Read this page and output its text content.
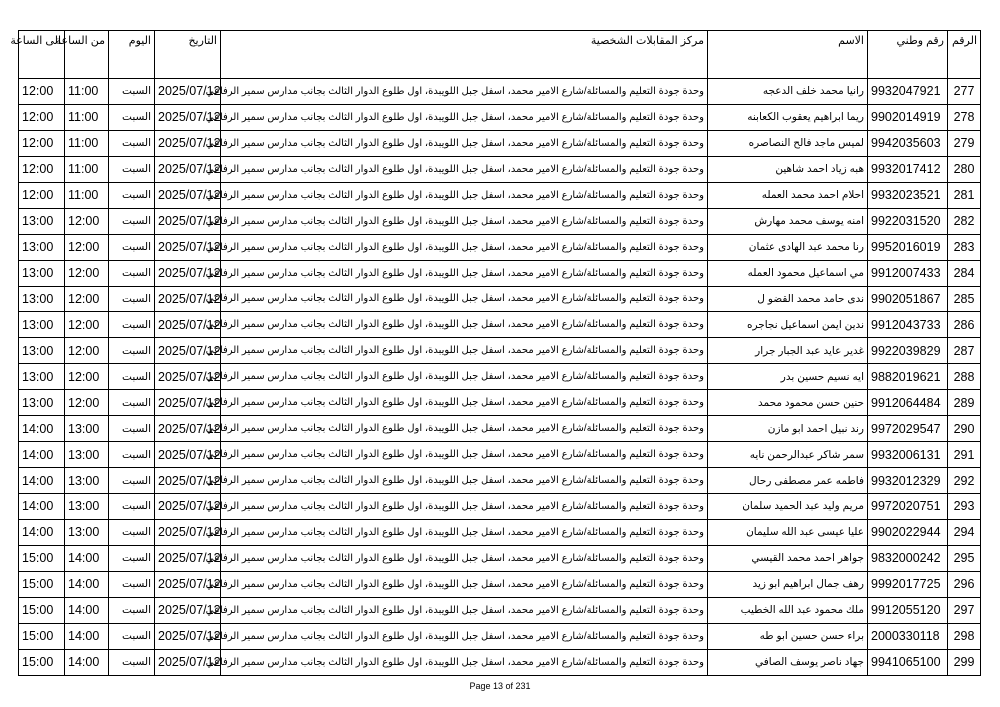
الرقم	رقم وطني	الاسم	مركز المقابلات الشخصية	التاريخ	اليوم	من الساعة	الى الساعة
277	9932047921	رانيا محمد خلف الدعجه	وحدة جودة التعليم والمسائلة/شارع الامير محمد، اسفل جبل اللويبدة، اول طلوع الدوار الثالث بجانب مدارس سمير الرفاعي	2025/07/12	السبت	11:00	12:00
278	9902014919	ريما ابراهيم يعقوب الكعابنه	وحدة جودة التعليم والمسائلة/شارع الامير محمد، اسفل جبل اللويبدة، اول طلوع الدوار الثالث بجانب مدارس سمير الرفاعي	2025/07/12	السبت	11:00	12:00
279	9942035603	لميس ماجد فالح النصاصره	وحدة جودة التعليم والمسائلة/شارع الامير محمد، اسفل جبل اللويبدة، اول طلوع الدوار الثالث بجانب مدارس سمير الرفاعي	2025/07/12	السبت	11:00	12:00
280	9932017412	هبه زياد احمد شاهين	وحدة جودة التعليم والمسائلة/شارع الامير محمد، اسفل جبل اللويبدة، اول طلوع الدوار الثالث بجانب مدارس سمير الرفاعي	2025/07/12	السبت	11:00	12:00
281	9932023521	احلام احمد محمد العمله	وحدة جودة التعليم والمسائلة/شارع الامير محمد، اسفل جبل اللويبدة، اول طلوع الدوار الثالث بجانب مدارس سمير الرفاعي	2025/07/12	السبت	11:00	12:00
282	9922031520	امنه يوسف محمد مهارش	وحدة جودة التعليم والمسائلة/شارع الامير محمد، اسفل جبل اللويبدة، اول طلوع الدوار الثالث بجانب مدارس سمير الرفاعي	2025/07/12	السبت	12:00	13:00
283	9952016019	رنا محمد عبد الهادى عثمان	وحدة جودة التعليم والمسائلة/شارع الامير محمد، اسفل جبل اللويبدة، اول طلوع الدوار الثالث بجانب مدارس سمير الرفاعي	2025/07/12	السبت	12:00	13:00
284	9912007433	مي اسماعيل محمود العمله	وحدة جودة التعليم والمسائلة/شارع الامير محمد، اسفل جبل اللويبدة، اول طلوع الدوار الثالث بجانب مدارس سمير الرفاعي	2025/07/12	السبت	12:00	13:00
285	9902051867	ندى حامد محمد القضو ل	وحدة جودة التعليم والمسائلة/شارع الامير محمد، اسفل جبل اللويبدة، اول طلوع الدوار الثالث بجانب مدارس سمير الرفاعي	2025/07/12	السبت	12:00	13:00
286	9912043733	ندين ايمن اسماعيل نجاجره	وحدة جودة التعليم والمسائلة/شارع الامير محمد، اسفل جبل اللويبدة، اول طلوع الدوار الثالث بجانب مدارس سمير الرفاعي	2025/07/12	السبت	12:00	13:00
287	9922039829	غدير عايد عبد الجبار جرار	وحدة جودة التعليم والمسائلة/شارع الامير محمد، اسفل جبل اللويبدة، اول طلوع الدوار الثالث بجانب مدارس سمير الرفاعي	2025/07/12	السبت	12:00	13:00
288	9882019621	ايه نسيم حسين بدر	وحدة جودة التعليم والمسائلة/شارع الامير محمد، اسفل جبل اللويبدة، اول طلوع الدوار الثالث بجانب مدارس سمير الرفاعي	2025/07/12	السبت	12:00	13:00
289	9912064484	حنين حسن محمود محمد	وحدة جودة التعليم والمسائلة/شارع الامير محمد، اسفل جبل اللويبدة، اول طلوع الدوار الثالث بجانب مدارس سمير الرفاعي	2025/07/12	السبت	12:00	13:00
290	9972029547	رند نبيل احمد ابو مازن	وحدة جودة التعليم والمسائلة/شارع الامير محمد، اسفل جبل اللويبدة، اول طلوع الدوار الثالث بجانب مدارس سمير الرفاعي	2025/07/12	السبت	13:00	14:00
291	9932006131	سمر شاكر عبدالرحمن نايه	وحدة جودة التعليم والمسائلة/شارع الامير محمد، اسفل جبل اللويبدة، اول طلوع الدوار الثالث بجانب مدارس سمير الرفاعي	2025/07/12	السبت	13:00	14:00
292	9932012329	فاطمه عمر مصطفى رحال	وحدة جودة التعليم والمسائلة/شارع الامير محمد، اسفل جبل اللويبدة، اول طلوع الدوار الثالث بجانب مدارس سمير الرفاعي	2025/07/12	السبت	13:00	14:00
293	9972020751	مريم وليد عبد الحميد سلمان	وحدة جودة التعليم والمسائلة/شارع الامير محمد، اسفل جبل اللويبدة، اول طلوع الدوار الثالث بجانب مدارس سمير الرفاعي	2025/07/12	السبت	13:00	14:00
294	9902022944	عليا عيسى عبد الله سليمان	وحدة جودة التعليم والمسائلة/شارع الامير محمد، اسفل جبل اللويبدة، اول طلوع الدوار الثالث بجانب مدارس سمير الرفاعي	2025/07/12	السبت	13:00	14:00
295	9832000242	جواهر احمد محمد القيسي	وحدة جودة التعليم والمسائلة/شارع الامير محمد، اسفل جبل اللويبدة، اول طلوع الدوار الثالث بجانب مدارس سمير الرفاعي	2025/07/12	السبت	14:00	15:00
296	9992017725	رهف جمال ابراهيم ابو زيد	وحدة جودة التعليم والمسائلة/شارع الامير محمد، اسفل جبل اللويبدة، اول طلوع الدوار الثالث بجانب مدارس سمير الرفاعي	2025/07/12	السبت	14:00	15:00
297	9912055120	ملك محمود عبد الله الخطيب	وحدة جودة التعليم والمسائلة/شارع الامير محمد، اسفل جبل اللويبدة، اول طلوع الدوار الثالث بجانب مدارس سمير الرفاعي	2025/07/12	السبت	14:00	15:00
298	2000330118	براء حسن حسين ابو طه	وحدة جودة التعليم والمسائلة/شارع الامير محمد، اسفل جبل اللويبدة، اول طلوع الدوار الثالث بجانب مدارس سمير الرفاعي	2025/07/12	السبت	14:00	15:00
299	9941065100	جهاد ناصر يوسف الصافي	وحدة جودة التعليم والمسائلة/شارع الامير محمد، اسفل جبل اللويبدة، اول طلوع الدوار الثالث بجانب مدارس سمير الرفاعي	2025/07/12	السبت	14:00	15:00
Page 13 of 231
